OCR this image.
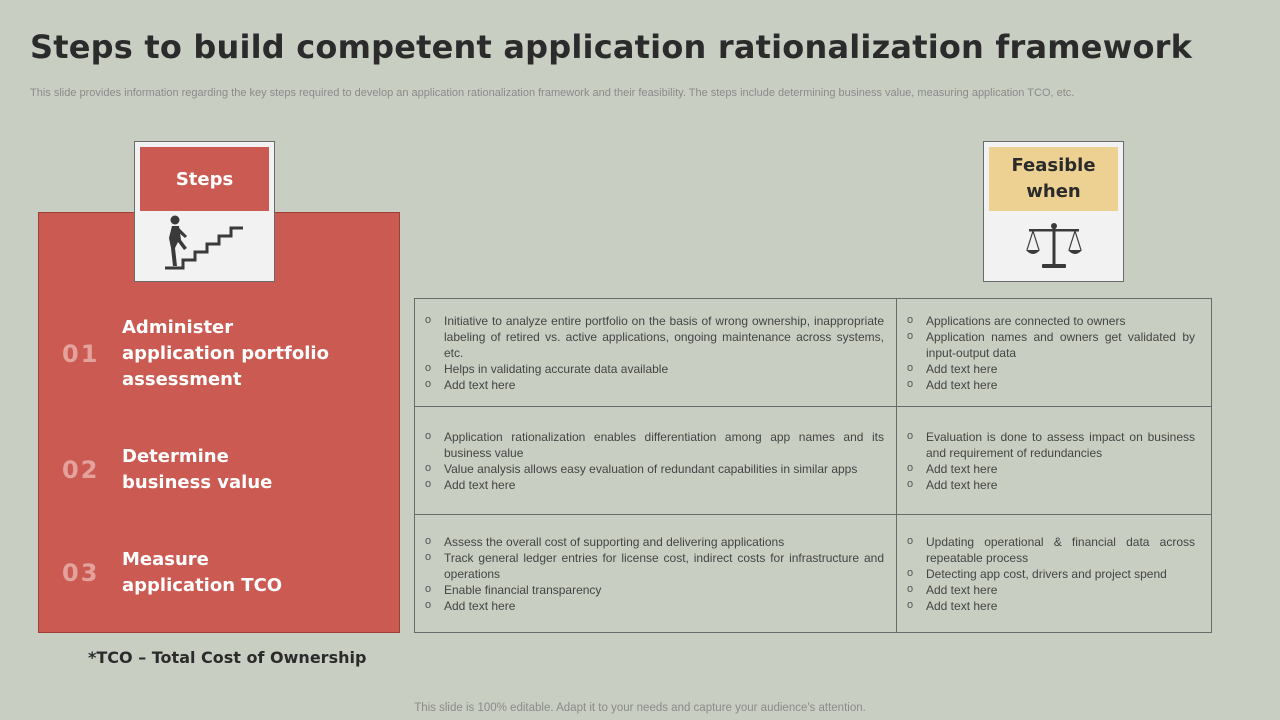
Steps to build competent application rationalization framework
This slide provides information regarding the key steps required to develop an application rationalization framework and their feasibility. The steps include determining business value, measuring application TCO, etc.
Steps
Feasible when
01
Administer application portfolio assessment
02	Determine business value
03	Measure application TCO
o Initiative to analyze entire portfolio on the basis of wrong ownership, inappropriate labeling of retired vs. active applications, ongoing maintenance across systems, etc.
o Helps in validating accurate data available
o Add text here
o Applications are connected to owners
o Application names and owners get validated by input-output data
o Add text here
o Add text here
o Application rationalization enables differentiation among app names and its business value
o Value analysis allows easy evaluation of redundant capabilities in similar apps
o Add text here
o Evaluation is done to assess impact on business and requirement of redundancies
o Add text here
o Add text here
o Assess the overall cost of supporting and delivering applications
o Track general ledger entries for license cost, indirect costs for infrastructure and operations
o Enable financial transparency
o Add text here
o Updating operational & financial data across repeatable process
o Detecting app cost, drivers and project spend
o Add text here
o Add text here
*TCO – Total Cost of Ownership
This slide is 100% editable. Adapt it to your needs and capture your audience's attention.
